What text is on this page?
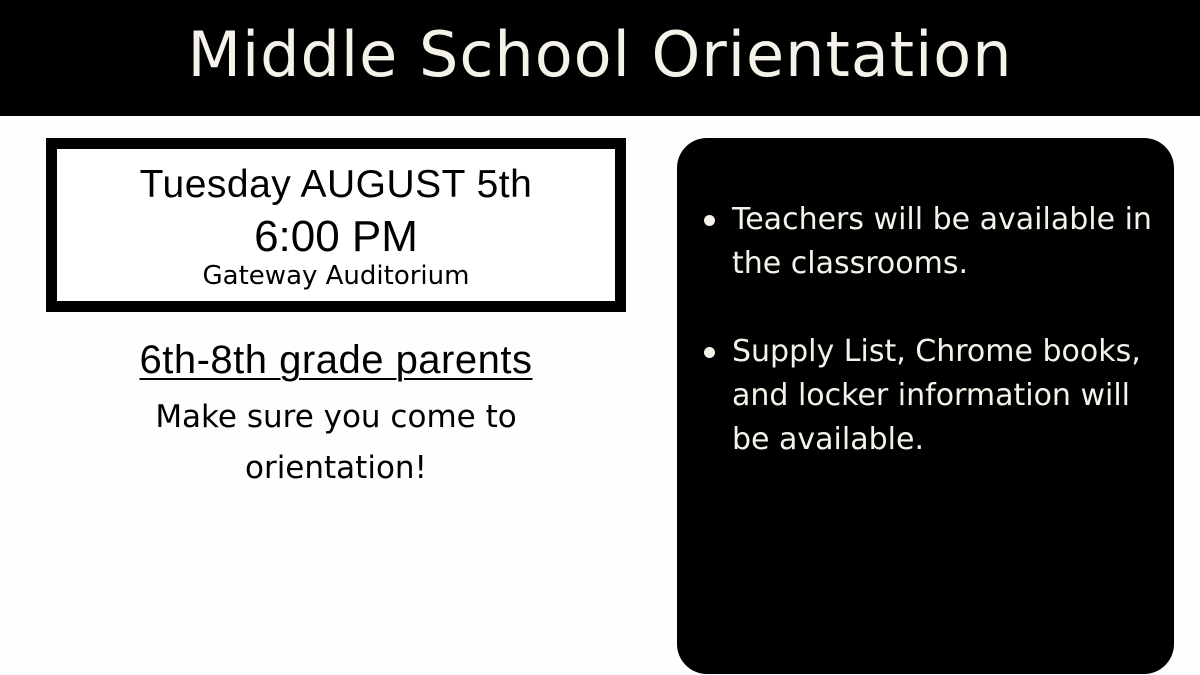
Middle School Orientation
Tuesday AUGUST 5th
6:00 PM
Gateway Auditorium
6th-8th grade parents
Make sure you come to orientation!
Teachers will be available in the classrooms.
Supply List, Chrome books, and locker information will be available.
